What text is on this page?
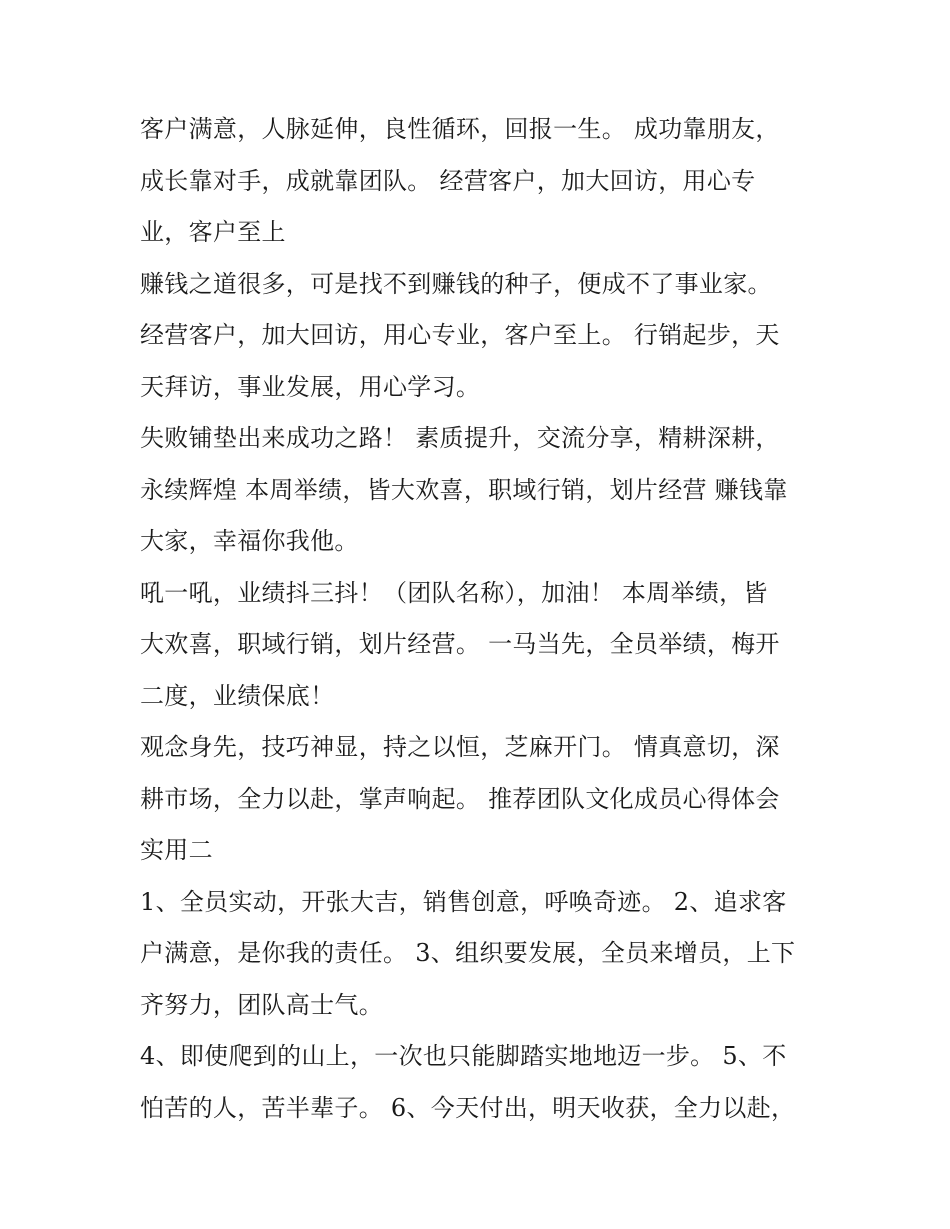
客户满意，人脉延伸，良性循环，回报一生。 成功靠朋友，
成长靠对手，成就靠团队。 经营客户，加大回访，用心专
业，客户至上
赚钱之道很多，可是找不到赚钱的种子，便成不了事业家。
经营客户，加大回访，用心专业，客户至上。 行销起步，天
天拜访，事业发展，用心学习。
失败铺垫出来成功之路！ 素质提升，交流分享，精耕深耕，
永续辉煌 本周举绩，皆大欢喜，职域行销，划片经营 赚钱靠
大家，幸福你我他。
吼一吼，业绩抖三抖！（团队名称），加油！ 本周举绩，皆
大欢喜，职域行销，划片经营。 一马当先，全员举绩，梅开
二度，业绩保底！
观念身先，技巧神显，持之以恒，芝麻开门。 情真意切，深
耕市场，全力以赴，掌声响起。 推荐团队文化成员心得体会
实用二
1、全员实动，开张大吉，销售创意，呼唤奇迹。 2、追求客
户满意，是你我的责任。 3、组织要发展，全员来增员，上下
齐努力，团队高士气。
4、即使爬到的山上，一次也只能脚踏实地地迈一步。 5、不
怕苦的人，苦半辈子。 6、今天付出，明天收获，全力以赴，
